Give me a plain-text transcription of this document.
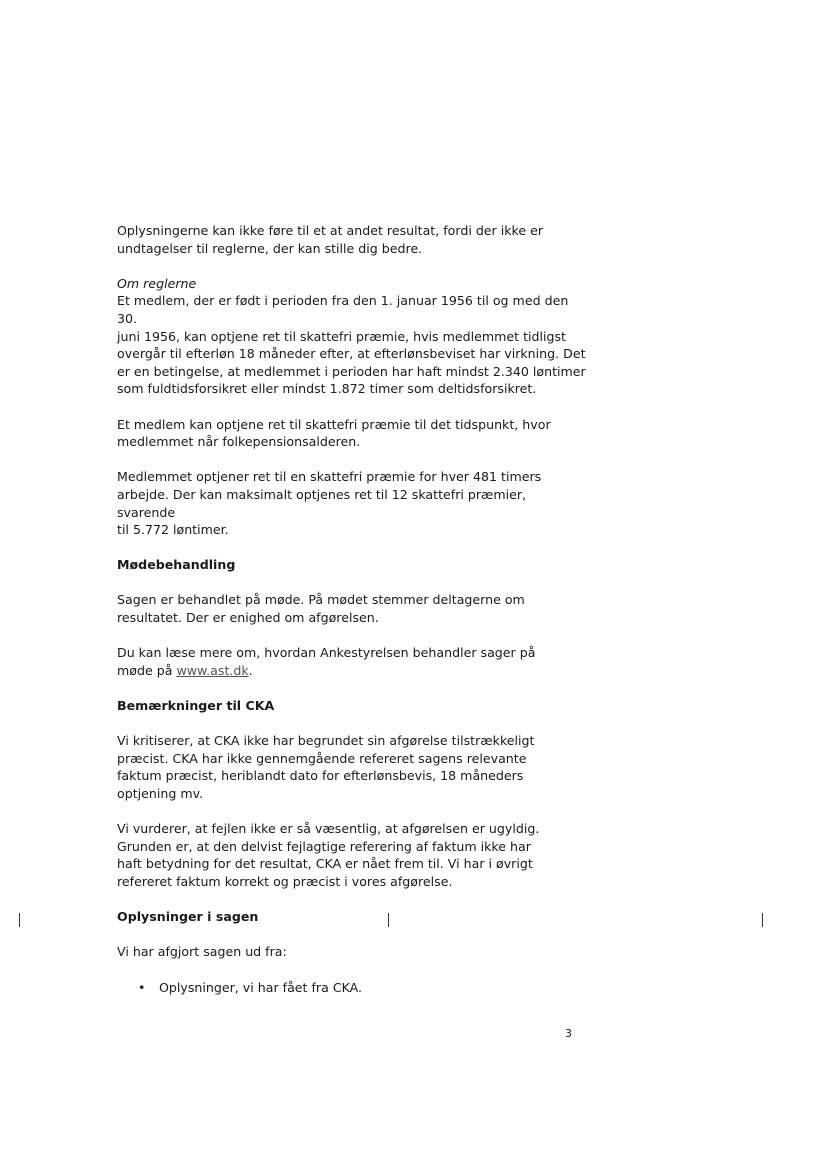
Oplysningerne kan ikke føre til et at andet resultat, fordi der ikke er
undtagelser til reglerne, der kan stille dig bedre.

Om reglerne

Et medlem, der er født i perioden fra den 1. januar 1956 til og med den 30.
juni 1956, kan optjene ret til skattefri præmie, hvis medlemmet tidligst
overgår til efterløn 18 måneder efter, at efterlønsbeviset har virkning. Det
er en betingelse, at medlemmet i perioden har haft mindst 2.340 løntimer
som fuldtidsforsikret eller mindst 1.872 timer som deltidsforsikret.

Et medlem kan optjene ret til skattefri præmie til det tidspunkt, hvor
medlemmet når folkepensionsalderen.

Medlemmet optjener ret til en skattefri præmie for hver 481 timers
arbejde. Der kan maksimalt optjenes ret til 12 skattefri præmier, svarende
til 5.772 løntimer.

Mødebehandling

Sagen er behandlet på møde. På mødet stemmer deltagerne om
resultatet. Der er enighed om afgørelsen.

Du kan læse mere om, hvordan Ankestyrelsen behandler sager på
møde på www.ast.dk.

Bemærkninger til CKA

Vi kritiserer, at CKA ikke har begrundet sin afgørelse tilstrækkeligt
præcist. CKA har ikke gennemgående refereret sagens relevante
faktum præcist, heriblandt dato for efterlønsbevis, 18 måneders
optjening mv.

Vi vurderer, at fejlen ikke er så væsentlig, at afgørelsen er ugyldig.
Grunden er, at den delvist fejlagtige referering af faktum ikke har
haft betydning for det resultat, CKA er nået frem til. Vi har i øvrigt
refereret faktum korrekt og præcist i vores afgørelse.

Oplysninger i sagen

Vi har afgjort sagen ud fra:

• Oplysninger, vi har fået fra CKA.
3
